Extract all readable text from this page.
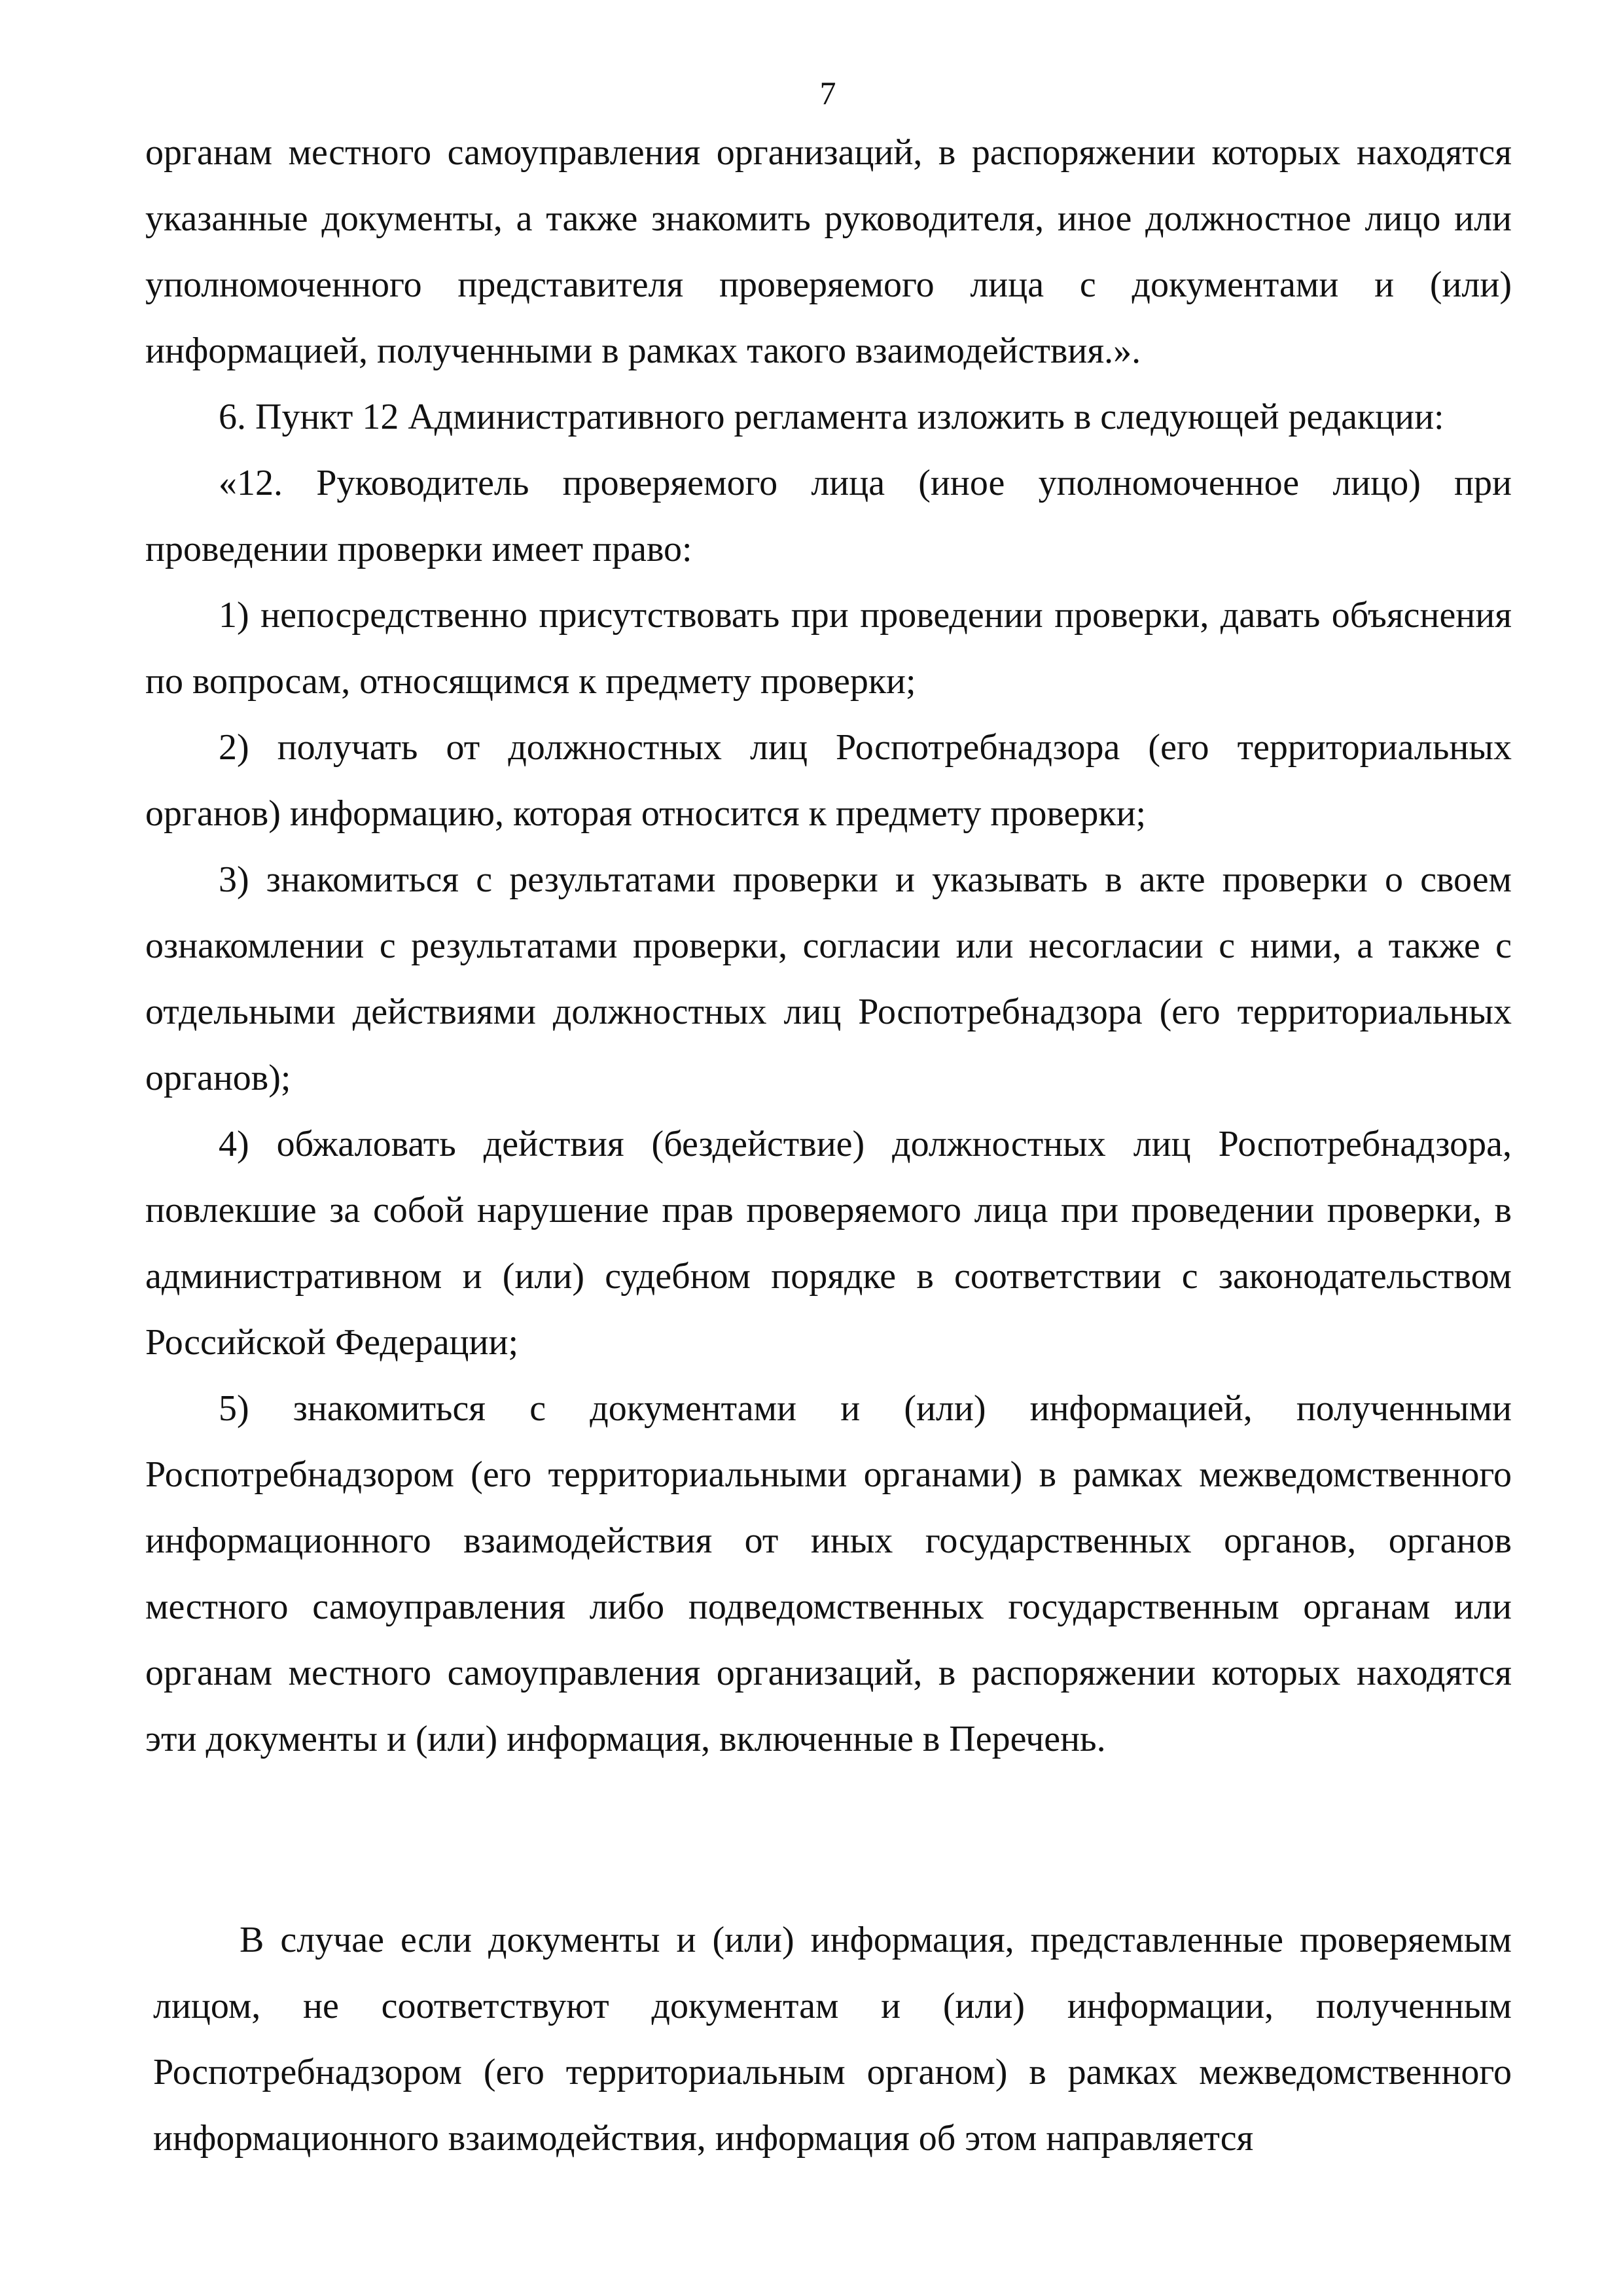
7

органам местного самоуправления организаций, в распоряжении которых находятся указанные документы, а также знакомить руководителя, иное должностное лицо или уполномоченного представителя проверяемого лица с документами и (или) информацией, полученными в рамках такого взаимодействия.».

6. Пункт 12 Административного регламента изложить в следующей редакции:

«12. Руководитель проверяемого лица (иное уполномоченное лицо) при проведении проверки имеет право:

1) непосредственно присутствовать при проведении проверки, давать объяснения по вопросам, относящимся к предмету проверки;

2) получать от должностных лиц Роспотребнадзора (его территориальных органов) информацию, которая относится к предмету проверки;

3) знакомиться с результатами проверки и указывать в акте проверки о своем ознакомлении с результатами проверки, согласии или несогласии с ними, а также с отдельными действиями должностных лиц Роспотребнадзора (его территориальных органов);

4) обжаловать действия (бездействие) должностных лиц Роспотребнадзора, повлекшие за собой нарушение прав проверяемого лица при проведении проверки, в административном и (или) судебном порядке в соответствии с законодательством Российской Федерации;

5) знакомиться с документами и (или) информацией, полученными Роспотребнадзором (его территориальными органами) в рамках межведомственного информационного взаимодействия от иных государственных органов, органов местного самоуправления либо подведомственных государственным органам или органам местного самоуправления организаций, в распоряжении которых находятся эти документы и (или) информация, включенные в Перечень.

В случае если документы и (или) информация, представленные проверяемым лицом, не соответствуют документам и (или) информации, полученным Роспотребнадзором (его территориальным органом) в рамках межведомственного информационного взаимодействия, информация об этом направляется
